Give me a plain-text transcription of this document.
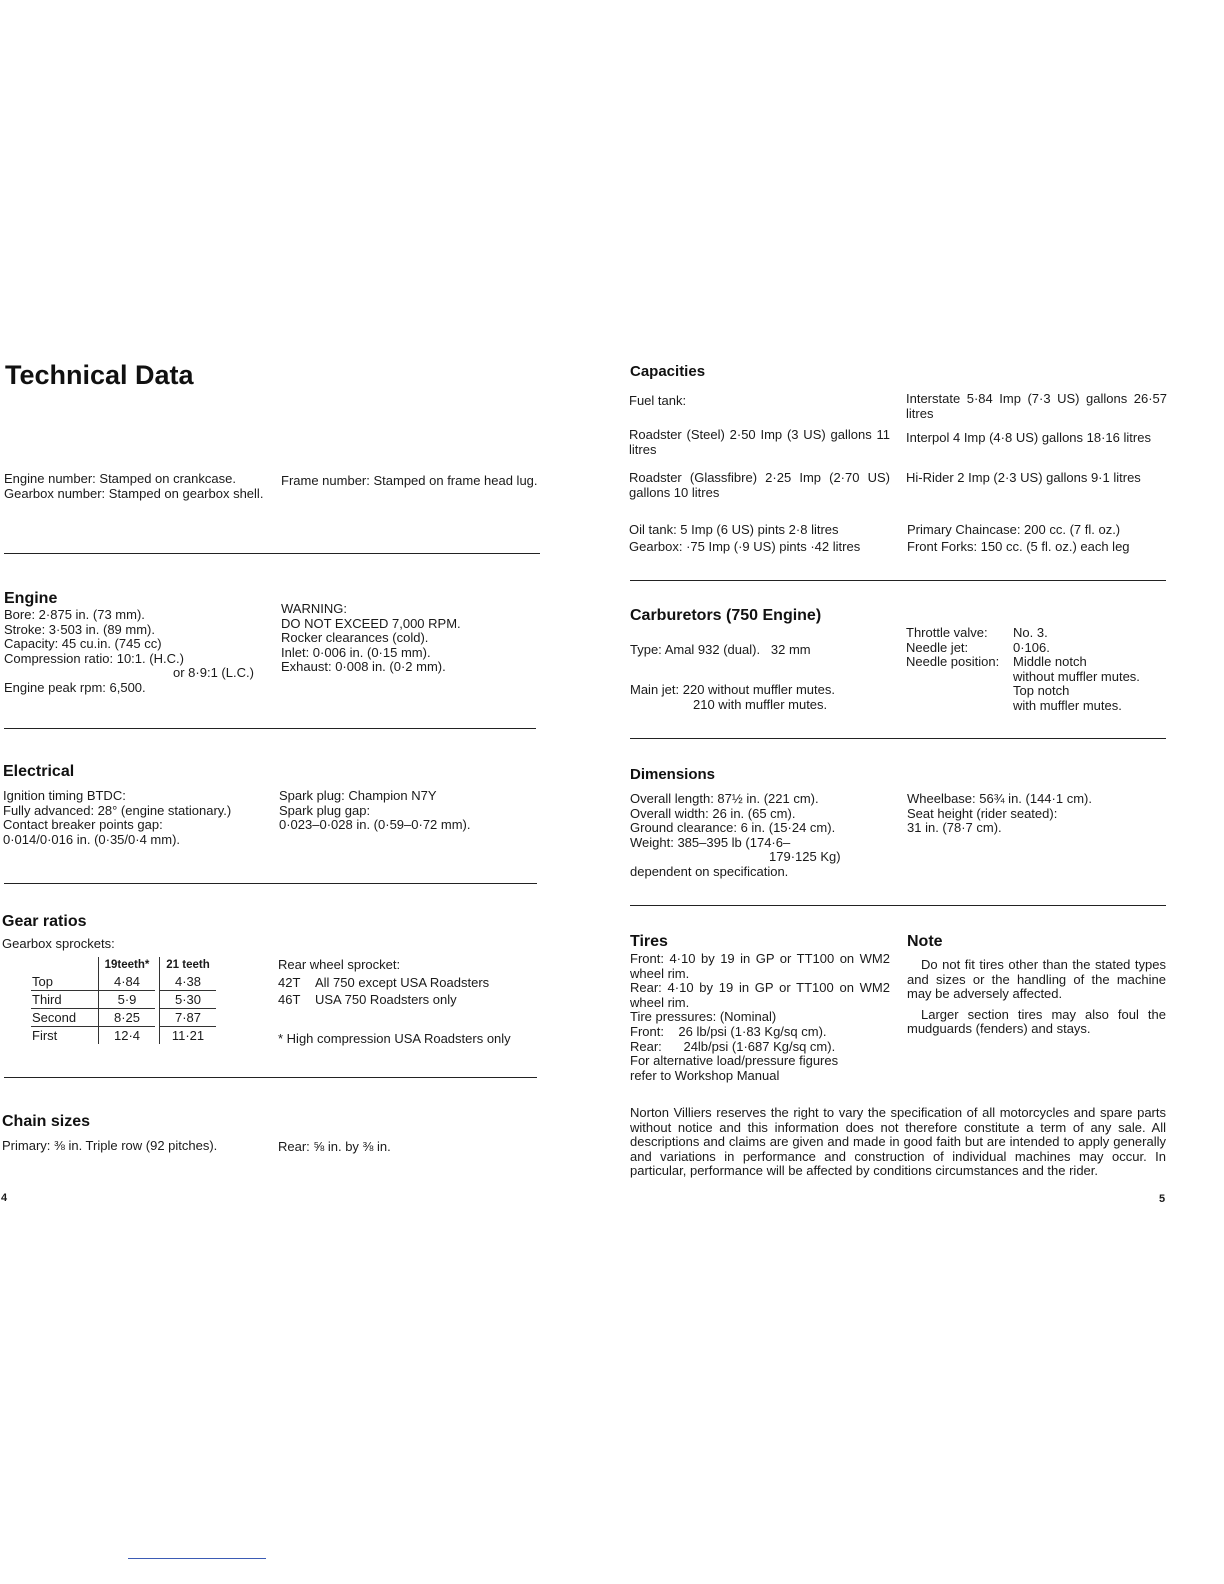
Technical Data
Engine number: Stamped on crankcase.
Gearbox number: Stamped on gearbox shell.
Frame number: Stamped on frame head lug.
Engine
Bore: 2·875 in. (73 mm).
Stroke: 3·503 in. (89 mm).
Capacity: 45 cu.in. (745 cc)
Compression ratio: 10:1. (H.C.)
or 8·9:1 (L.C.)
Engine peak rpm: 6,500.
WARNING:
DO NOT EXCEED 7,000 RPM.
Rocker clearances (cold).
Inlet: 0·006 in. (0·15 mm).
Exhaust: 0·008 in. (0·2 mm).
Electrical
Ignition timing BTDC:
Fully advanced: 28° (engine stationary.)
Contact breaker points gap:
0·014/0·016 in. (0·35/0·4 mm).
Spark plug: Champion N7Y
Spark plug gap:
0·023–0·028 in. (0·59–0·72 mm).
Gear ratios
Gearbox sprockets:
	19teeth*		21 teeth
Top	4·84		4·38
Third	5·9		5·30
Second	8·25		7·87
First	12·4		11·21
Rear wheel sprocket:
42T All 750 except USA Roadsters
46T USA 750 Roadsters only
* High compression USA Roadsters only
Chain sizes
Primary: ⅜ in. Triple row (92 pitches).	Rear: ⅝ in. by ⅜ in.
4
Capacities
Fuel tank:
Roadster (Steel) 2·50 Imp (3 US) gallons 11 litres
Roadster (Glassfibre) 2·25 Imp (2·70 US) gallons 10 litres
Interstate 5·84 Imp (7·3 US) gallons 26·57 litres
Interpol 4 Imp (4·8 US) gallons 18·16 litres
Hi-Rider 2 Imp (2·3 US) gallons 9·1 litres
Oil tank: 5 Imp (6 US) pints 2·8 litres
Gearbox: ·75 Imp (·9 US) pints ·42 litres
Primary Chaincase: 200 cc. (7 fl. oz.)
Front Forks: 150 cc. (5 fl. oz.) each leg
Carburetors (750 Engine)
Type: Amal 932 (dual).   32 mm
Main jet: 220 without muffler mutes.
210 with muffler mutes.
Throttle valve: No. 3.
Needle jet:	0·106.
Needle position: Middle notch
without muffler mutes.
Top notch
with muffler mutes.
Dimensions
Overall length: 87½ in. (221 cm).
Overall width: 26 in. (65 cm).
Ground clearance: 6 in. (15·24 cm).
Weight: 385–395 lb (174·6–
179·125 Kg)
dependent on specification.
Wheelbase: 56¾ in. (144·1 cm).
Seat height (rider seated):
31 in. (78·7 cm).
Tires
Front: 4·10 by 19 in GP or TT100 on WM2 wheel rim.
Rear: 4·10 by 19 in GP or TT100 on WM2 wheel rim.
Tire pressures: (Nominal)
Front:    26 lb/psi (1·83 Kg/sq cm).
Rear:      24lb/psi (1·687 Kg/sq cm).
For alternative load/pressure figures
refer to Workshop Manual
Note

Do not fit tires other than the stated types and sizes or the handling of the machine may be adversely affected.

Larger section tires may also foul the mudguards (fenders) and stays.

Norton Villiers reserves the right to vary the specification of all motorcycles and spare parts without notice and this information does not therefore constitute a term of any sale. All descriptions and claims are given and made in good faith but are intended to apply generally and variations in performance and construction of individual machines may occur. In particular, performance will be affected by conditions circumstances and the rider.
5
